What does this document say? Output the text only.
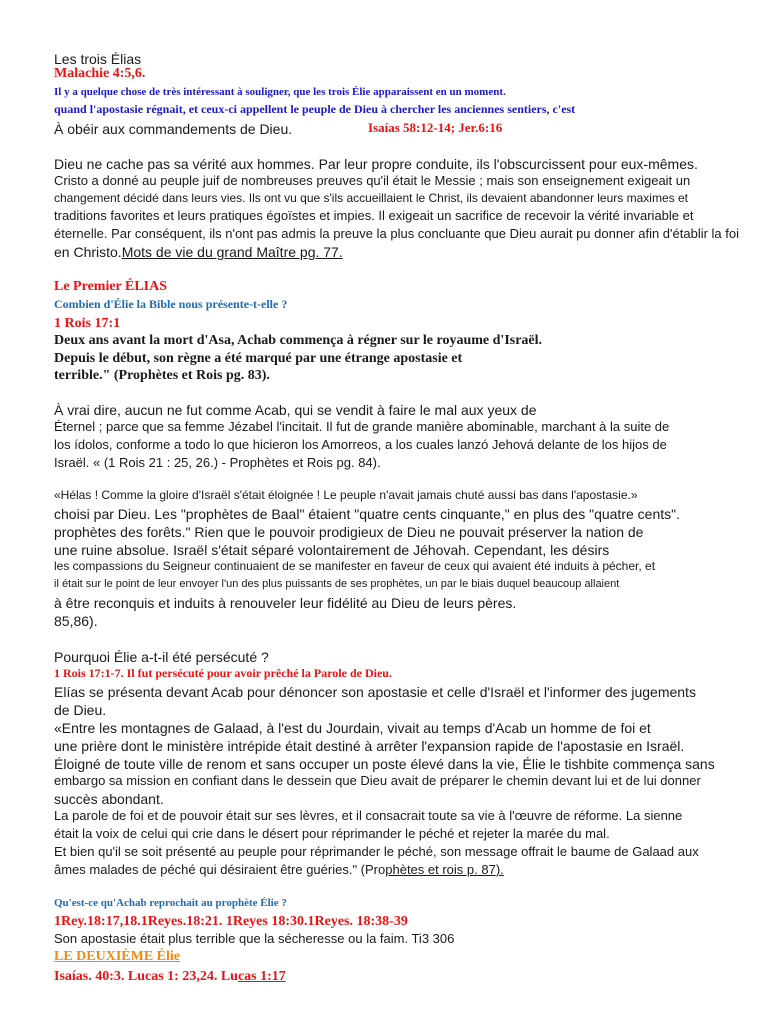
Les trois Élias
Malachie 4:5,6.
Il y a quelque chose de très intéressant à souligner, que les trois Élie apparaissent en un moment.
quand l'apostasie régnait, et ceux-ci appellent le peuple de Dieu à chercher les anciennes sentiers, c'est
À obéir aux commandements de Dieu.	Isaías 58:12-14; Jer.6:16
Dieu ne cache pas sa vérité aux hommes. Par leur propre conduite, ils l'obscurcissent pour eux-mêmes.
Cristo a donné au peuple juif de nombreuses preuves qu'il était le Messie ; mais son enseignement exigeait un
changement décidé dans leurs vies. Ils ont vu que s'ils accueillaient le Christ, ils devaient abandonner leurs maximes et
traditions favorites et leurs pratiques égoïstes et impies. Il exigeait un sacrifice de recevoir la vérité invariable et
éternelle. Par conséquent, ils n'ont pas admis la preuve la plus concluante que Dieu aurait pu donner afin d'établir la foi
en Christo.Mots de vie du grand Maître pg. 77.
Le Premier ÉLIAS
Combien d'Élie la Bible nous présente-t-elle ?
1 Rois 17:1
Deux ans avant la mort d'Asa, Achab commença à régner sur le royaume d'Israël.
Depuis le début, son règne a été marqué par une étrange apostasie et
terrible." (Prophètes et Rois pg. 83).
À vrai dire, aucun ne fut comme Acab, qui se vendit à faire le mal aux yeux de
Éternel ; parce que sa femme Jézabel l'incitait. Il fut de grande manière abominable, marchant à la suite de
los ídolos, conforme a todo lo que hicieron los Amorreos, a los cuales lanzó Jehová delante de los hijos de
Israël. « (1 Rois 21 : 25, 26.) - Prophètes et Rois pg. 84).
«Hélas ! Comme la gloire d'Israël s'était éloignée ! Le peuple n'avait jamais chuté aussi bas dans l'apostasie.»
choisi par Dieu. Les "prophètes de Baal" étaient "quatre cents cinquante," en plus des "quatre cents".
prophètes des forêts." Rien que le pouvoir prodigieux de Dieu ne pouvait préserver la nation de
une ruine absolue. Israël s'était séparé volontairement de Jéhovah. Cependant, les désirs
les compassions du Seigneur continuaient de se manifester en faveur de ceux qui avaient été induits à pécher, et
il était sur le point de leur envoyer l'un des plus puissants de ses prophètes, un par le biais duquel beaucoup allaient
à être reconquis et induits à renouveler leur fidélité au Dieu de leurs pères.
85,86).
Pourquoi Élie a-t-il été persécuté ?
1 Rois 17:1-7. Il fut persécuté pour avoir prêché la Parole de Dieu.
Elías se présenta devant Acab pour dénoncer son apostasie et celle d'Israël et l'informer des jugements
de Dieu.
«Entre les montagnes de Galaad, à l'est du Jourdain, vivait au temps d'Acab un homme de foi et
une prière dont le ministère intrépide était destiné à arrêter l'expansion rapide de l'apostasie en Israël.
Éloigné de toute ville de renom et sans occuper un poste élevé dans la vie, Élie le tishbite commença sans
embargo sa mission en confiant dans le dessein que Dieu avait de préparer le chemin devant lui et de lui donner
succès abondant.
La parole de foi et de pouvoir était sur ses lèvres, et il consacrait toute sa vie à l'œuvre de réforme. La sienne
était la voix de celui qui crie dans le désert pour réprimander le péché et rejeter la marée du mal.
Et bien qu'il se soit présenté au peuple pour réprimander le péché, son message offrait le baume de Galaad aux
âmes malades de péché qui désiraient être guéries." (Prophètes et rois p. 87).
Qu'est-ce qu'Achab reprochait au prophète Élie ?
1Rey.18:17,18.1Reyes.18:21. 1Reyes 18:30.1Reyes. 18:38-39
Son apostasie était plus terrible que la sécheresse ou la faim. Ti3 306
LE DEUXIÈME Élie
Isaías. 40:3. Lucas 1: 23,24. Lucas 1:17
